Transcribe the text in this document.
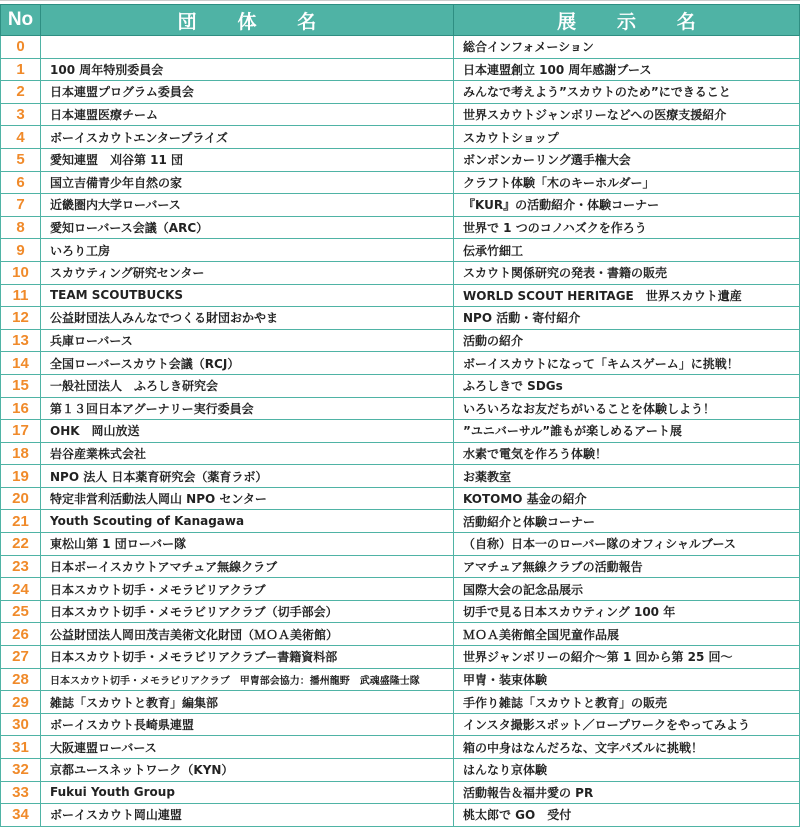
No	団 体 名	展 示 名
0		総合インフォメーション
1	100 周年特別委員会	日本連盟創立 100 周年感謝ブース
2	日本連盟プログラム委員会	みんなで考えよう”スカウトのため”にできること
3	日本連盟医療チーム	世界スカウトジャンボリーなどへの医療支援紹介
4	ボーイスカウトエンタープライズ	スカウトショップ
5	愛知連盟　刈谷第 11 団	ボンボンカーリング選手権大会
6	国立吉備青少年自然の家	クラフト体験「木のキーホルダー」
7	近畿圏内大学ローバース	『KUR』の活動紹介・体験コーナー
8	愛知ローバース会議（ARC）	世界で 1 つのコノハズクを作ろう
9	いろり工房	伝承竹細工
10	スカウティング研究センター	スカウト関係研究の発表・書籍の販売
11	TEAM SCOUTBUCKS	WORLD SCOUT HERITAGE　世界スカウト遺産
12	公益財団法人みんなでつくる財団おかやま	NPO 活動・寄付紹介
13	兵庫ローバース	活動の紹介
14	全国ローバースカウト会議（RCJ）	ボーイスカウトになって「キムスゲーム」に挑戦！
15	一般社団法人　ふろしき研究会	ふろしきで SDGs
16	第１３回日本アグーナリー実行委員会	いろいろなお友だちがいることを体験しよう！
17	OHK　岡山放送	”ユニバーサル”誰もが楽しめるアート展
18	岩谷産業株式会社	水素で電気を作ろう体験！
19	NPO 法人 日本薬育研究会（薬育ラボ）	お薬教室
20	特定非営利活動法人岡山 NPO センター	KOTOMO 基金の紹介
21	Youth Scouting of Kanagawa	活動紹介と体験コーナー
22	東松山第 1 団ローバー隊	（自称）日本一のローバー隊のオフィシャルブース
23	日本ボーイスカウトアマチュア無線クラブ	アマチュア無線クラブの活動報告
24	日本スカウト切手・メモラビリアクラブ	国際大会の記念品展示
25	日本スカウト切手・メモラビリアクラブ（切手部会）	切手で見る日本スカウティング 100 年
26	公益財団法人岡田茂吉美術文化財団（ＭＯＡ美術館）	ＭＯＡ美術館全国児童作品展
27	日本スカウト切手・メモラビリアクラブー書籍資料部	世界ジャンボリーの紹介～第 1 回から第 25 回～
28	日本スカウト切手・メモラビリアクラブ　甲冑部会協力：播州龍野　武魂盛隆士隊	甲冑・装束体験
29	雑誌「スカウトと教育」編集部	手作り雑誌「スカウトと教育」の販売
30	ボーイスカウト長崎県連盟	インスタ撮影スポット／ロープワークをやってみよう
31	大阪連盟ローバース	箱の中身はなんだろな、文字パズルに挑戦！
32	京都ユースネットワーク（KYN）	はんなり京体験
33	Fukui Youth Group	活動報告＆福井愛の PR
34	ボーイスカウト岡山連盟	桃太郎で GO　受付
